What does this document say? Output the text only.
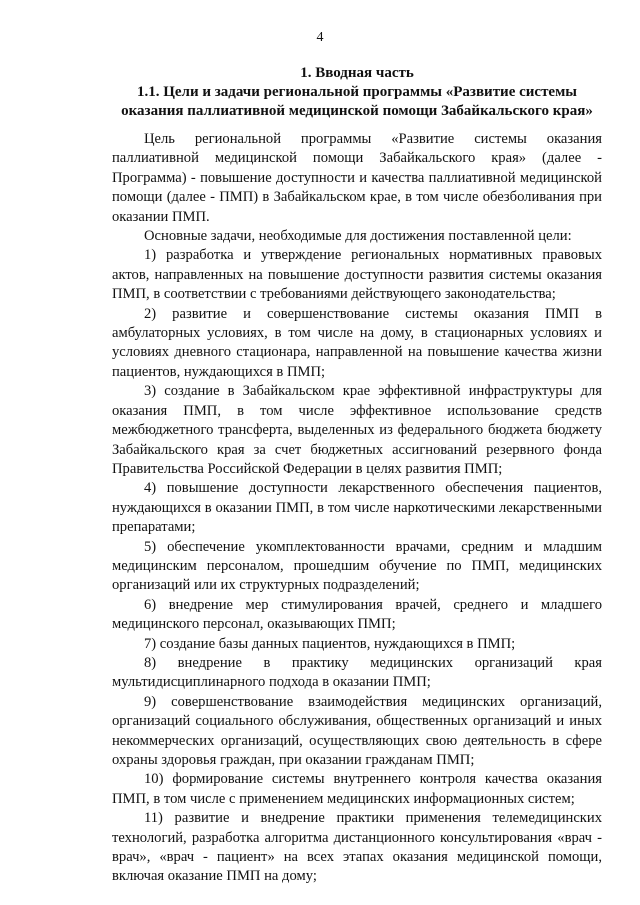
4
1. Вводная часть
1.1. Цели и задачи региональной программы «Развитие системы оказания паллиативной медицинской помощи Забайкальского края»

Цель региональной программы «Развитие системы оказания паллиативной медицинской помощи Забайкальского края» (далее - Программа) - повышение доступности и качества паллиативной медицинской помощи (далее - ПМП) в Забайкальском крае, в том числе обезболивания при оказании ПМП.

Основные задачи, необходимые для достижения поставленной цели:

1) разработка и утверждение региональных нормативных правовых актов, направленных на повышение доступности развития системы оказания ПМП, в соответствии с требованиями действующего законодательства;

2) развитие и совершенствование системы оказания ПМП в амбулаторных условиях, в том числе на дому, в стационарных условиях и условиях дневного стационара, направленной на повышение качества жизни пациентов, нуждающихся в ПМП;

3) создание в Забайкальском крае эффективной инфраструктуры для оказания ПМП, в том числе эффективное использование средств межбюджетного трансферта, выделенных из федерального бюджета бюджету Забайкальского края за счет бюджетных ассигнований резервного фонда Правительства Российской Федерации в целях развития ПМП;

4) повышение доступности лекарственного обеспечения пациентов, нуждающихся в оказании ПМП, в том числе наркотическими лекарственными препаратами;

5) обеспечение укомплектованности врачами, средним и младшим медицинским персоналом, прошедшим обучение по ПМП, медицинских организаций или их структурных подразделений;

6) внедрение мер стимулирования врачей, среднего и младшего медицинского персонал, оказывающих ПМП;

7) создание базы данных пациентов, нуждающихся в ПМП;

8) внедрение в практику медицинских организаций края мультидисциплинарного подхода в оказании ПМП;

9) совершенствование взаимодействия медицинских организаций, организаций социального обслуживания, общественных организаций и иных некоммерческих организаций, осуществляющих свою деятельность в сфере охраны здоровья граждан, при оказании гражданам ПМП;

10) формирование системы внутреннего контроля качества оказания ПМП, в том числе с применением медицинских информационных систем;

11) развитие и внедрение практики применения телемедицинских технологий, разработка алгоритма дистанционного консультирования «врач - врач», «врач - пациент» на всех этапах оказания медицинской помощи, включая оказание ПМП на дому;
